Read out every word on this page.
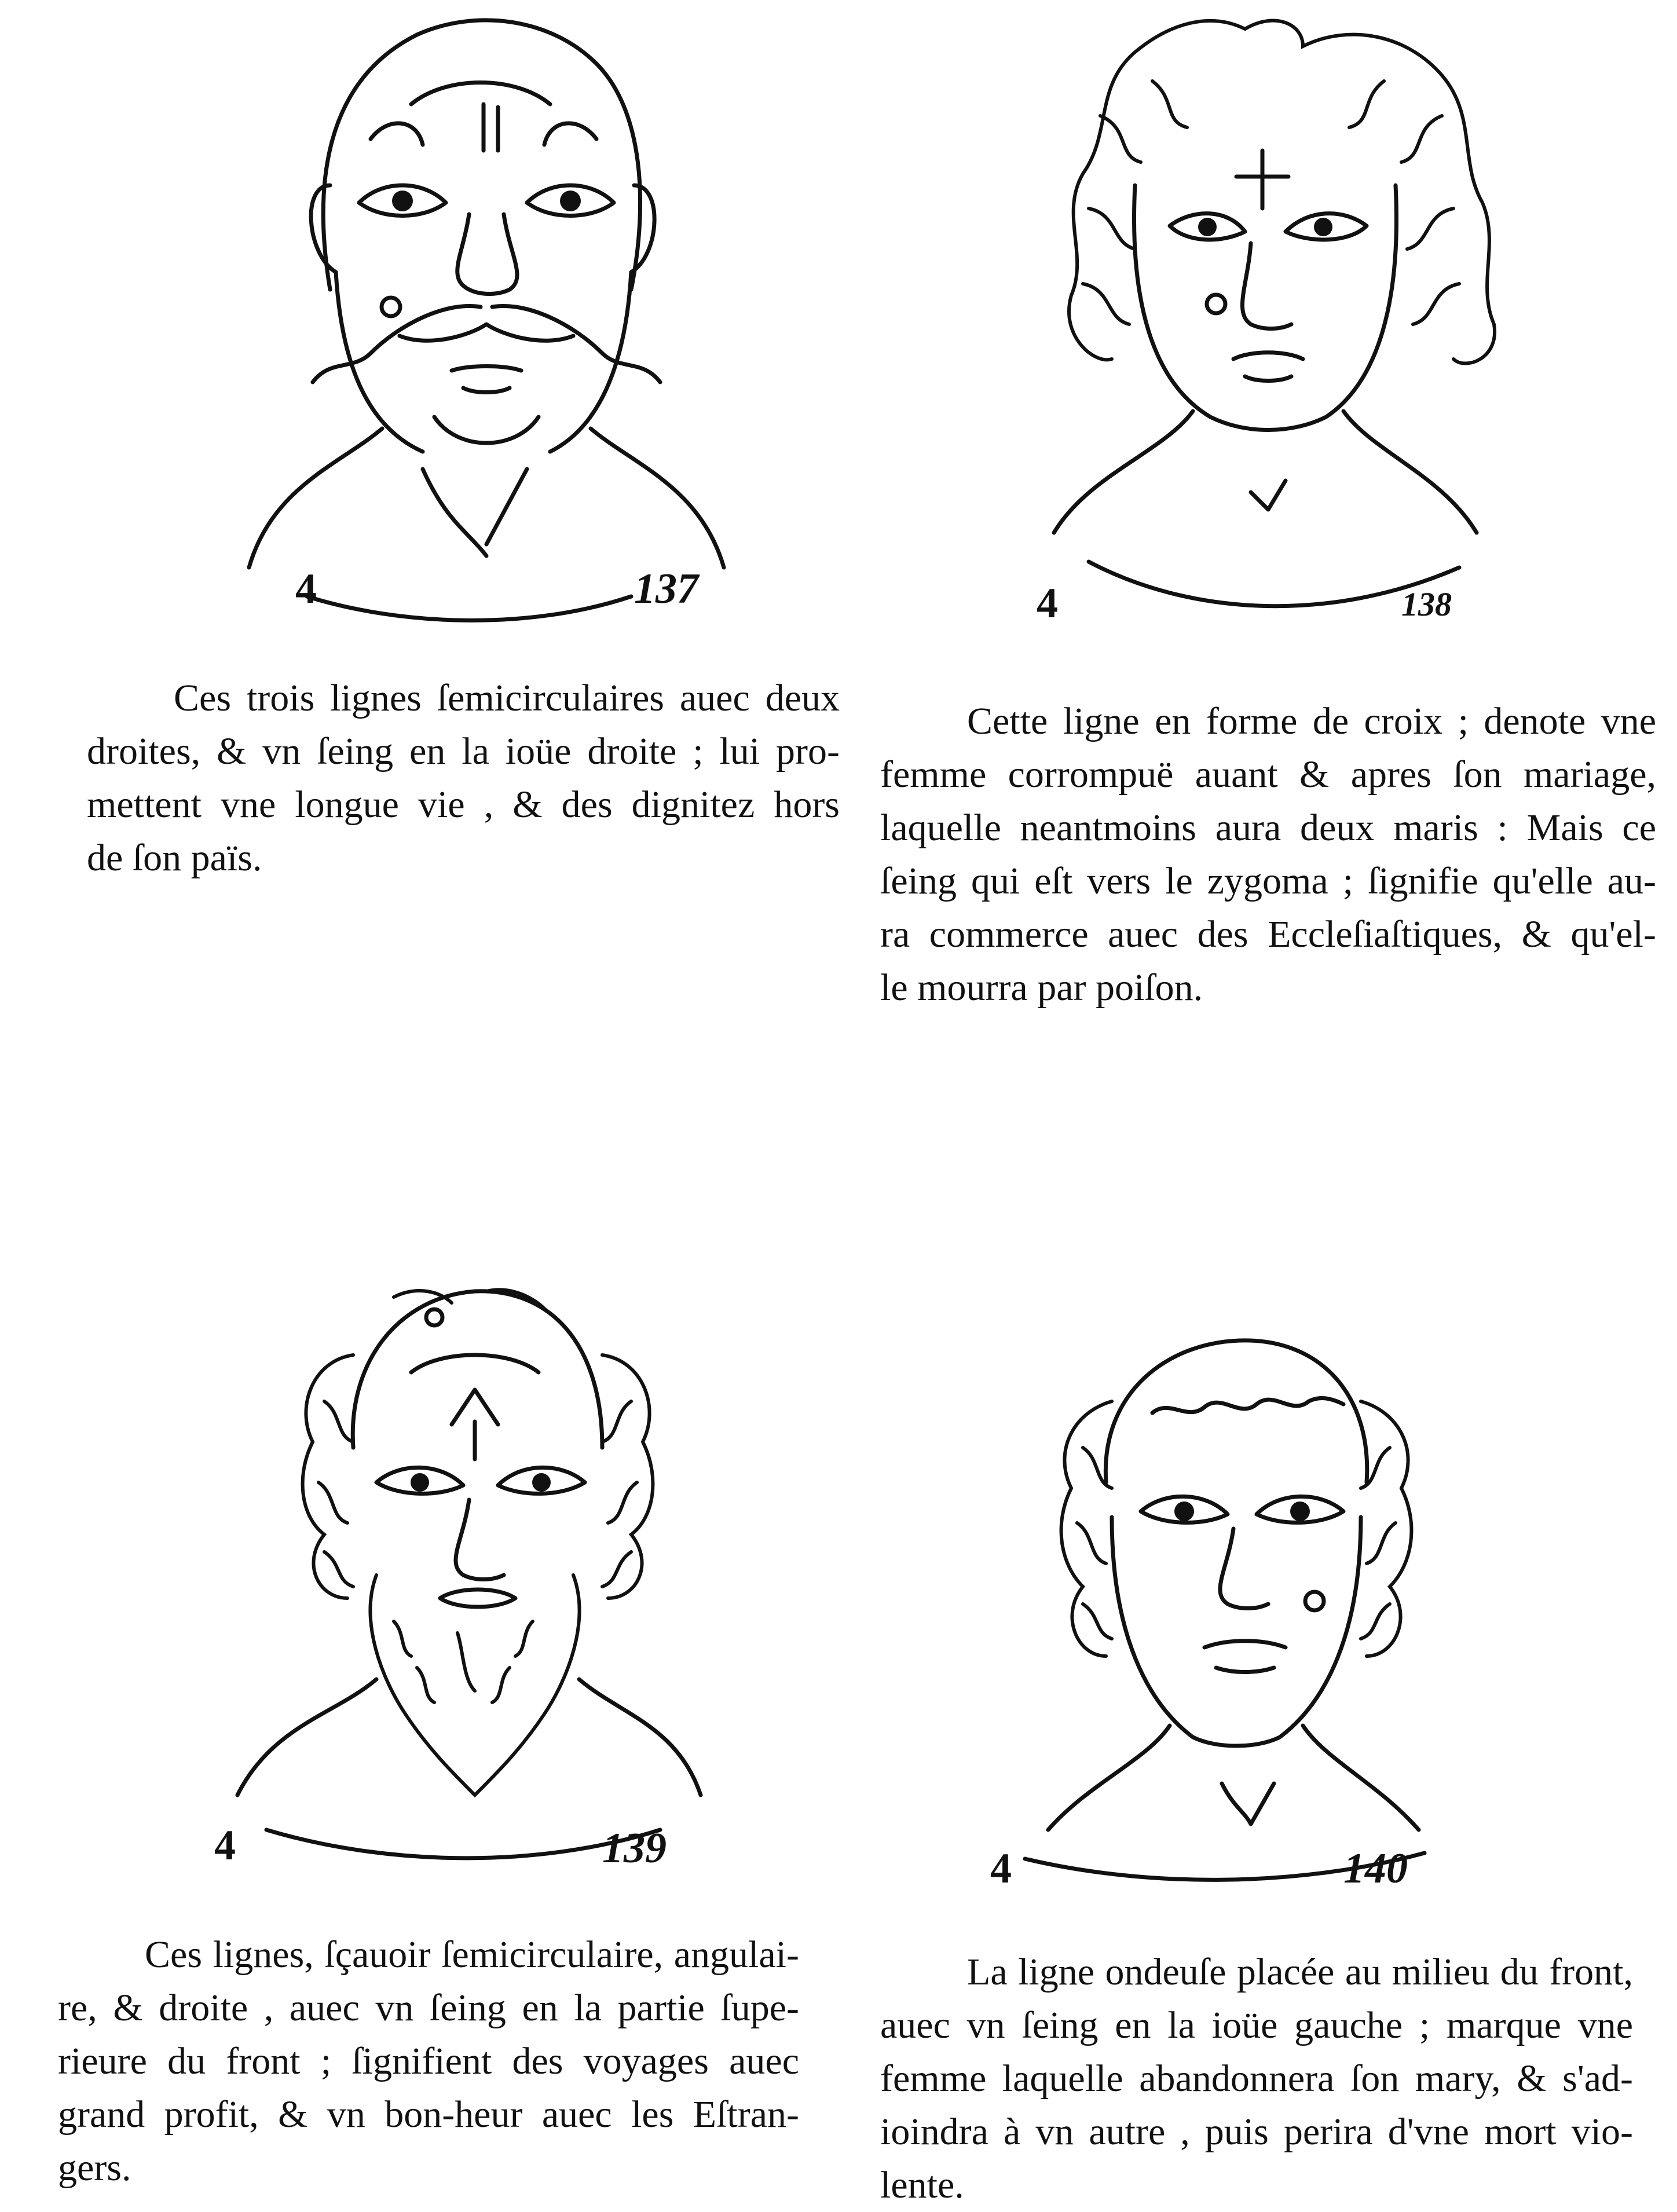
4	137

Ces trois lignes ſemicirculaires auec deux
droites, & vn ſeing en la ioüe droite ; lui pro-
mettent vne longue vie , & des dignitez hors
de ſon païs.

4	138

Cette ligne en forme de croix ; denote vne
femme corrompuë auant & apres ſon mariage,
laquelle neantmoins aura deux maris : Mais ce
ſeing qui eſt vers le zygoma ; ſignifie qu'elle au-
ra commerce auec des Eccleſiaſtiques, & qu'el-
le mourra par poiſon.

4	139

Ces lignes, ſçauoir ſemicirculaire, angulai-
re, & droite , auec vn ſeing en la partie ſupe-
rieure du front ; ſignifient des voyages auec
grand profit, & vn bon-heur auec les Eſtran-
gers.

4	140

La ligne ondeuſe placée au milieu du front,
auec vn ſeing en la ioüe gauche ; marque vne
femme laquelle abandonnera ſon mary, & s'ad-
ioindra à vn autre , puis perira d'vne mort vio-
lente.
